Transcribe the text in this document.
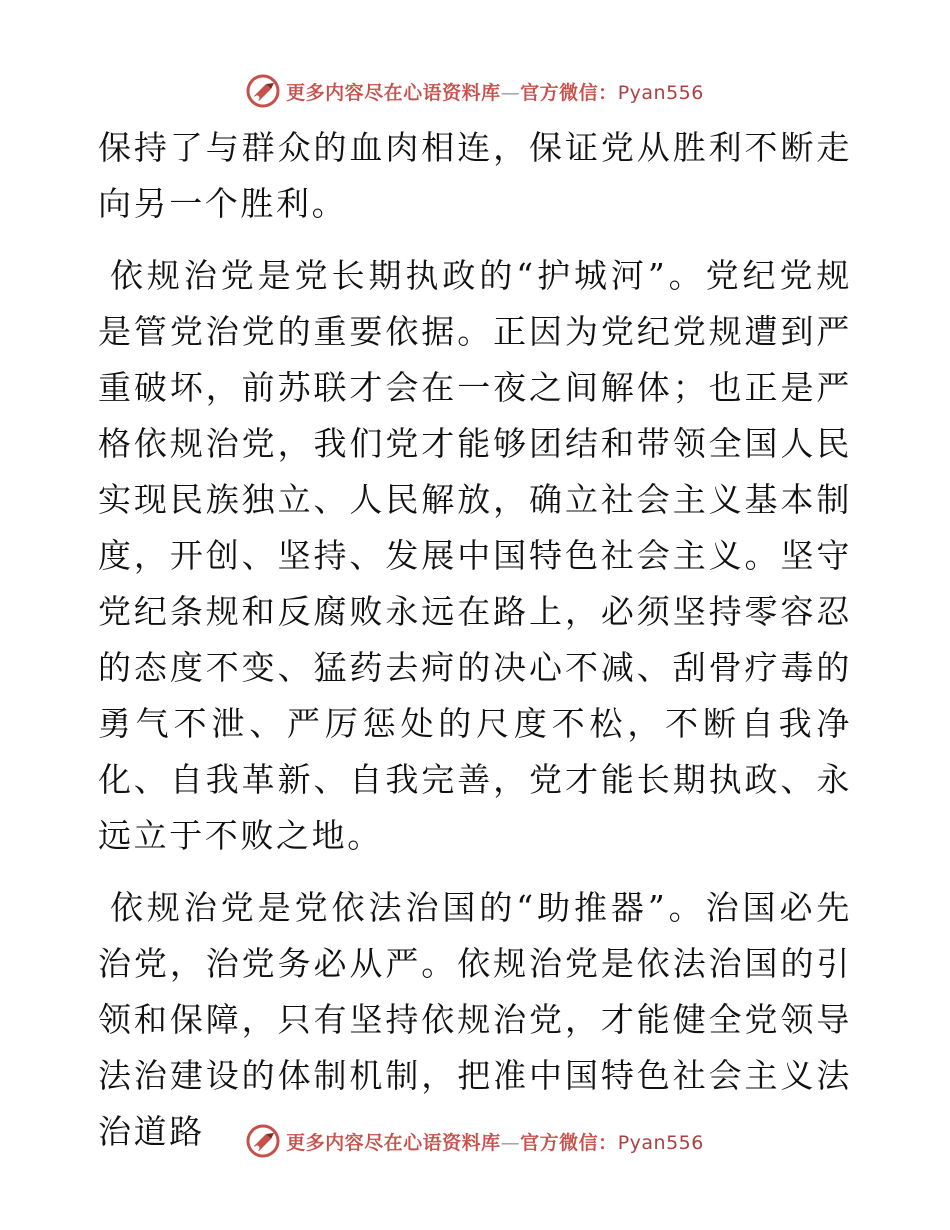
更多内容尽在心语资料库—官方微信：Pyan556

保持了与群众的血肉相连，保证党从胜利不断走向另一个胜利。

依规治党是党长期执政的“护城河”。党纪党规是管党治党的重要依据。正因为党纪党规遭到严重破坏，前苏联才会在一夜之间解体；也正是严格依规治党，我们党才能够团结和带领全国人民实现民族独立、人民解放，确立社会主义基本制度，开创、坚持、发展中国特色社会主义。坚守党纪条规和反腐败永远在路上，必须坚持零容忍的态度不变、猛药去疴的决心不减、刮骨疗毒的勇气不泄、严厉惩处的尺度不松，不断自我净化、自我革新、自我完善，党才能长期执政、永远立于不败之地。

依规治党是党依法治国的“助推器”。治国必先治党，治党务必从严。依规治党是依法治国的引领和保障，只有坚持依规治党，才能健全党领导法治建设的体制机制，把准中国特色社会主义法治道路	更多内容尽在心语资料库—官方微信：Pyan556
